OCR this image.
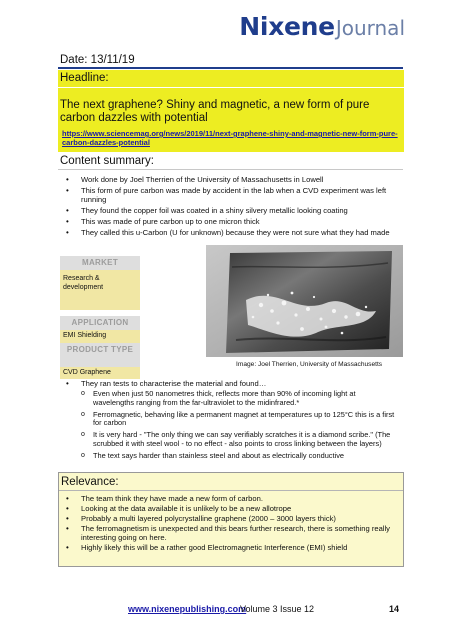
NixeneJournal
Date: 13/11/19
Headline:
The next graphene? Shiny and magnetic, a new form of pure carbon dazzles with potential
https://www.sciencemag.org/news/2019/11/next-graphene-shiny-and-magnetic-new-form-pure-carbon-dazzles-potential
Content summary:
• Work done by Joel Therrien of the University of Massachusetts in Lowell
• This form of pure carbon was made by accident in the lab when a CVD experiment was left running
• They found the copper foil was coated in a shiny silvery metallic looking coating
• This was made of pure carbon up to one micron thick
• They called this u-Carbon (U for unknown) because they were not sure what they had made
MARKET
Research & development
APPLICATION
EMI Shielding
PRODUCT TYPE
CVD Graphene
Image: Joel Therrien, University of Massachusetts
• They ran tests to characterise the material and found…
o Even when just 50 nanometres thick, reflects more than 90% of incoming light at wavelengths ranging from the far-ultraviolet to the midinfrared.*
o Ferromagnetic, behaving like a permanent magnet at temperatures up to 125°C this is a first for carbon
o It is very hard - "The only thing we can say verifiably scratches it is a diamond scribe." (The scrubbed it with steel wool - to no effect - also points to cross linking between the layers)
o The text says harder than stainless steel and about as electrically conductive
Relevance:
• The team think they have made a new form of carbon.
• Looking at the data available it is unlikely to be a new allotrope
• Probably a multi layered polycrystalline graphene (2000 – 3000 layers thick)
• The ferromagnetism is unexpected and this bears further research, there is something really interesting going on here.
• Highly likely this will be a rather good Electromagnetic Interference (EMI) shield
www.nixenepublishing.com
Volume 3 Issue 12	14
